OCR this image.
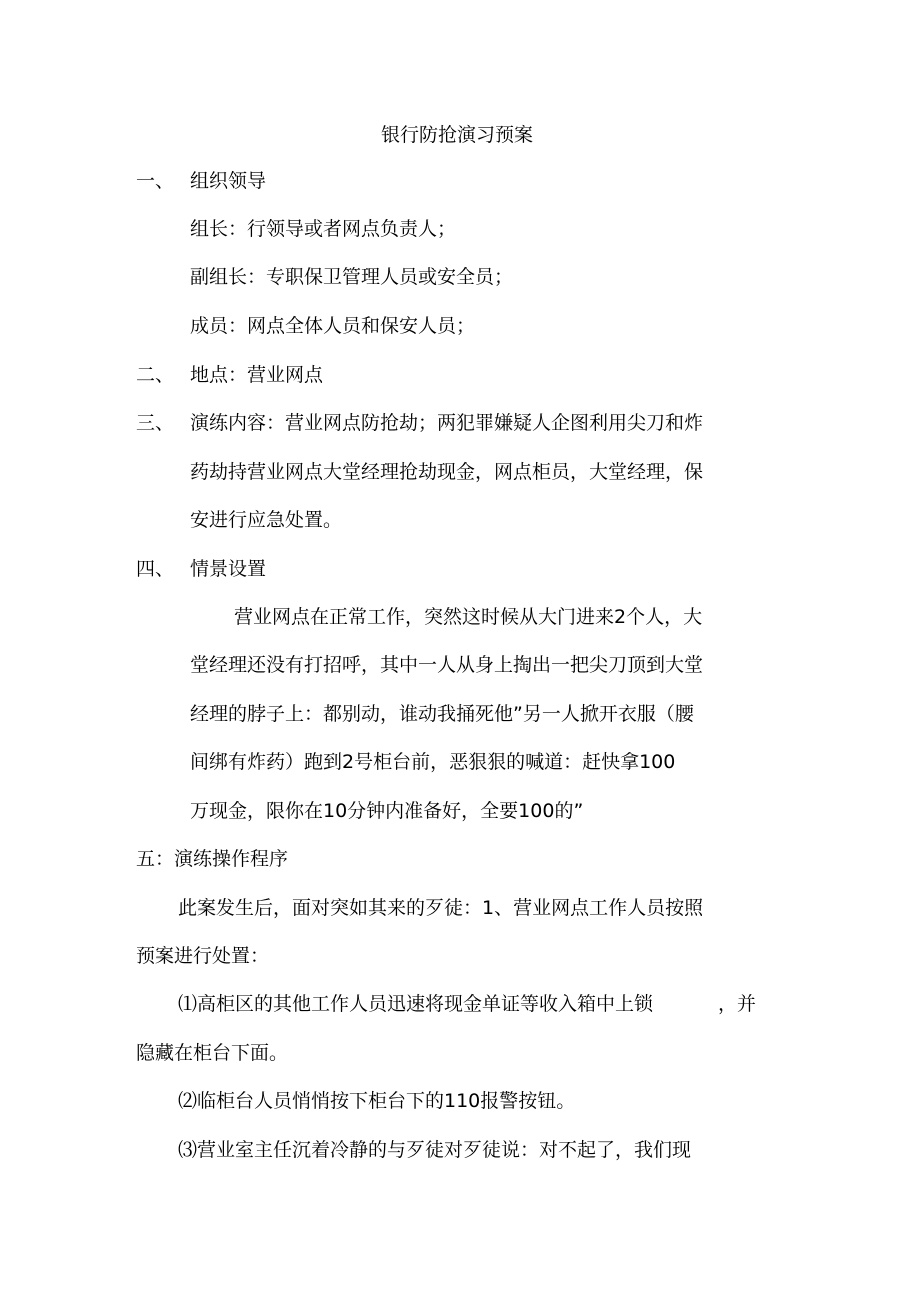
银行防抢演习预案
一、 组织领导
组长：行领导或者网点负责人；
副组长：专职保卫管理人员或安全员；
成员：网点全体人员和保安人员；
二、 地点：营业网点
三、 演练内容：营业网点防抢劫；两犯罪嫌疑人企图利用尖刀和炸
药劫持营业网点大堂经理抢劫现金，网点柜员，大堂经理，保
安进行应急处置。
四、 情景设置
营业网点在正常工作，突然这时候从大门进来2个人，大
堂经理还没有打招呼，其中一人从身上掏出一把尖刀顶到大堂
经理的脖子上：都别动，谁动我捅死他”另一人掀开衣服（腰
间绑有炸药）跑到2号柜台前，恶狠狠的喊道：赶快拿100
万现金，限你在10分钟内准备好，全要100的”
五：演练操作程序
此案发生后，面对突如其来的歹徒：1、营业网点工作人员按照
预案进行处置：
⑴高柜区的其他工作人员迅速将现金单证等收入箱中上锁	，并
隐藏在柜台下面。
⑵临柜台人员悄悄按下柜台下的110报警按钮。
⑶营业室主任沉着冷静的与歹徒对歹徒说：对不起了，我们现
